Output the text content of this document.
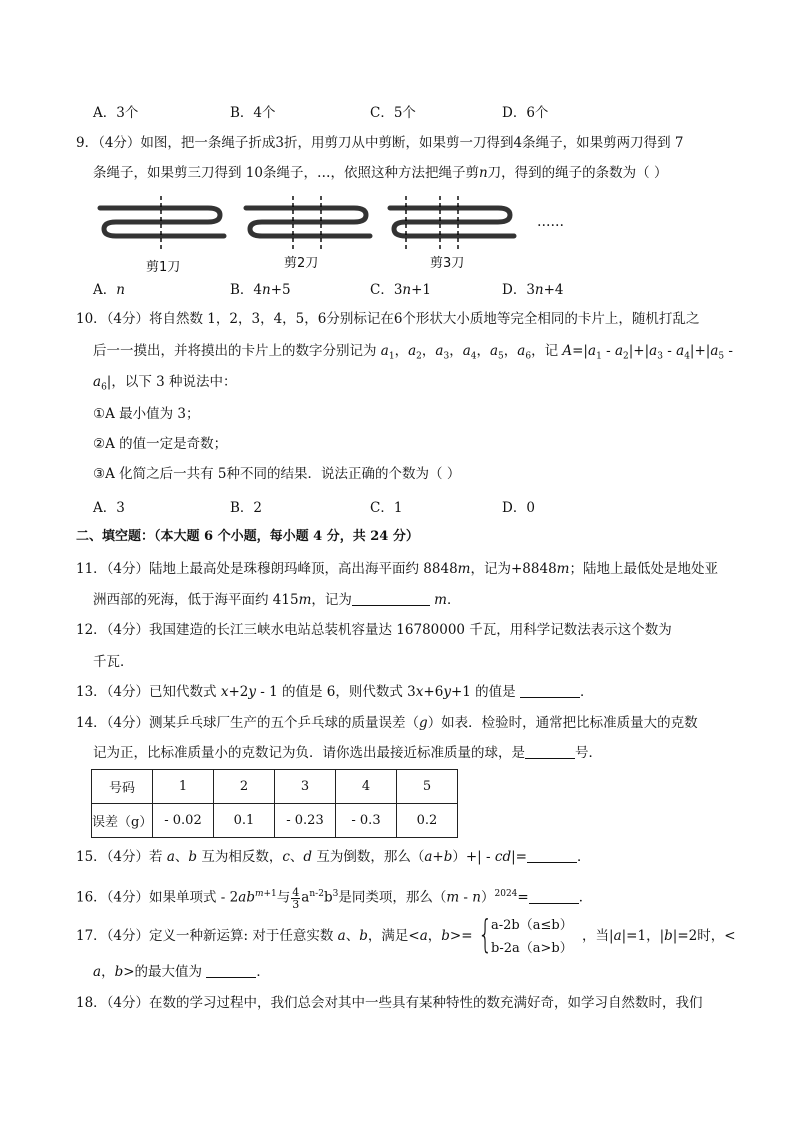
A．3个	B．4个	C．5个	D．6个
9．（4分）如图，把一条绳子折成3折，用剪刀从中剪断，如果剪一刀得到4条绳子，如果剪两刀得到 7
条绳子，如果剪三刀得到 10条绳子，…，依照这种方法把绳子剪n刀，得到的绳子的条数为（ ）
剪1刀	剪2刀	剪3刀
……
A．n	B．4n+5	C．3n+1	D．3n+4
10．（4分）将自然数 1，2，3，4，5，6分别标记在6个形状大小质地等完全相同的卡片上，随机打乱之
后一一摸出，并将摸出的卡片上的数字分别记为 $a_1$，$a_2$，$a_3$，$a_4$，$a_5$，$a_6$，记 $A=|a_1 - a_2|+|a_3 - a_4|+|a_5$ -
$a_6|$，以下 3 种说法中：
①A 最小值为 3；
②A 的值一定是奇数；
③A 化简之后一共有 5种不同的结果．说法正确的个数为（ ）
A．3	B．2	C．1	D．0
二、填空题：（本大题 6 个小题，每小题 4 分，共 24 分）
11．（4分）陆地上最高处是珠穆朗玛峰顶，高出海平面约 8848m，记为+8848m；陆地上最低处是地处亚
洲西部的死海，低于海平面约 415m，记为	m．
12．（4分）我国建造的长江三峡水电站总装机容量达 16780000 千瓦，用科学记数法表示这个数为
千瓦．
13．（4分）已知代数式 x+2y - 1 的值是 6，则代数式 3x+6y+1 的值是	．
14．（4分）测某乒乓球厂生产的五个乒乓球的质量误差（g）如表．检验时，通常把比标准质量大的克数
记为正，比标准质量小的克数记为负．请你选出最接近标准质量的球，是	号．
号码	1	2	3	4	5
误差（g）	- 0.02	0.1	- 0.23	- 0.3	0.2
15．（4分）若 a、b 互为相反数，c、d 互为倒数，那么（a+b）+| - cd|=	．
16．（4分）如果单项式 - $2ab^{m+1}$与 $\frac{4}{3} a^{n-2}b^3$是同类项，那么（m - n）$^{2024}$=	．
17．（4分）定义一种新运算: 对于任意实数 a、b，满足<a，b>= {
a-2b（a≤b）
b-2a（a>b）
，当|a|=1，|b|=2时，<
a，b>的最大值为	．
18．（4分）在数的学习过程中，我们总会对其中一些具有某种特性的数充满好奇，如学习自然数时，我们
